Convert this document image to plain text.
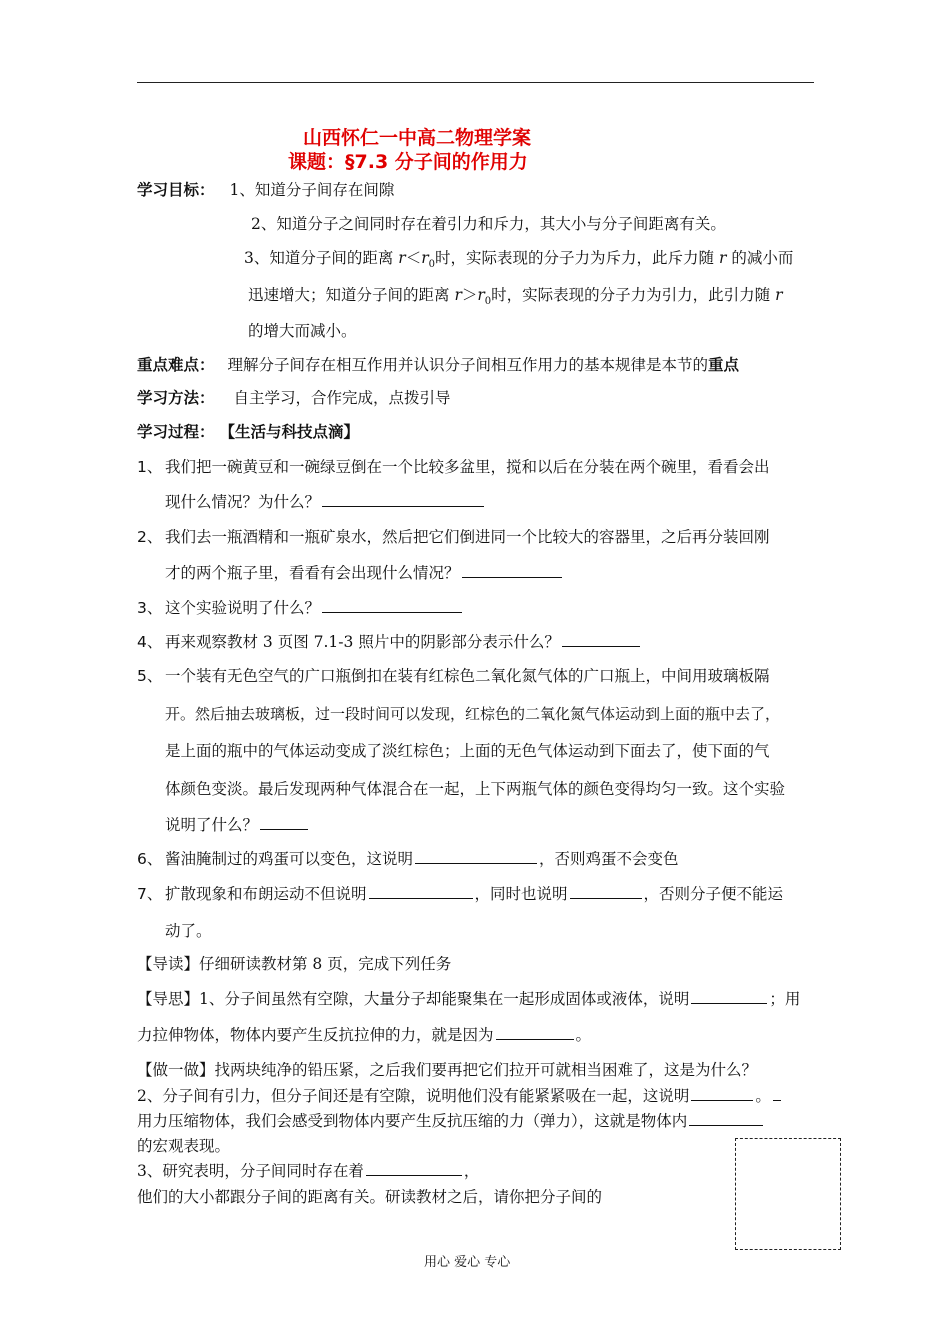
山西怀仁一中高二物理学案
课题：§7.3 分子间的作用力
学习目标： 1、知道分子间存在间隙
2、知道分子之间同时存在着引力和斥力，其大小与分子间距离有关。
3、知道分子间的距离 $r<r_0$时，实际表现的分子力为斥力，此斥力随 r 的减小而
迅速增大；知道分子间的距离 $r>r_0$时，实际表现的分子力为引力，此引力随 r
的增大而减小。
重点难点： 理解分子间存在相互作用并认识分子间相互作用力的基本规律是本节的重点
学习方法： 自主学习，合作完成，点拨引导
学习过程： 【生活与科技点滴】
1、 我们把一碗黄豆和一碗绿豆倒在一个比较多盆里，搅和以后在分装在两个碗里，看看会出
现什么情况？为什么？
2、 我们去一瓶酒精和一瓶矿泉水，然后把它们倒进同一个比较大的容器里，之后再分装回刚
才的两个瓶子里，看看有会出现什么情况？
3、 这个实验说明了什么？
4、 再来观察教材 3 页图 7.1-3 照片中的阴影部分表示什么？
5、 一个装有无色空气的广口瓶倒扣在装有红棕色二氧化氮气体的广口瓶上，中间用玻璃板隔
开。然后抽去玻璃板，过一段时间可以发现，红棕色的二氧化氮气体运动到上面的瓶中去了，
是上面的瓶中的气体运动变成了淡红棕色；上面的无色气体运动到下面去了，使下面的气
体颜色变淡。最后发现两种气体混合在一起，上下两瓶气体的颜色变得均匀一致。这个实验
说明了什么？
6、 酱油腌制过的鸡蛋可以变色，这说明	，否则鸡蛋不会变色
7、 扩散现象和布朗运动不但说明	，同时也说明	，否则分子便不能运
动了。
【导读】仔细研读教材第 8 页，完成下列任务
【导思】1、分子间虽然有空隙，大量分子却能聚集在一起形成固体或液体，说明	；用
力拉伸物体，物体内要产生反抗拉伸的力，就是因为	。
【做一做】找两块纯净的铅压紧，之后我们要再把它们拉开可就相当困难了，这是为什么？
2、分子间有引力，但分子间还是有空隙，说明他们没有能紧紧吸在一起，这说明	。
用力压缩物体，我们会感受到物体内要产生反抗压缩的力（弹力），这就是物体内
的宏观表现。
3、研究表明，分子间同时存在着	，
他们的大小都跟分子间的距离有关。研读教材之后，请你把分子间的
用心 爱心 专心
